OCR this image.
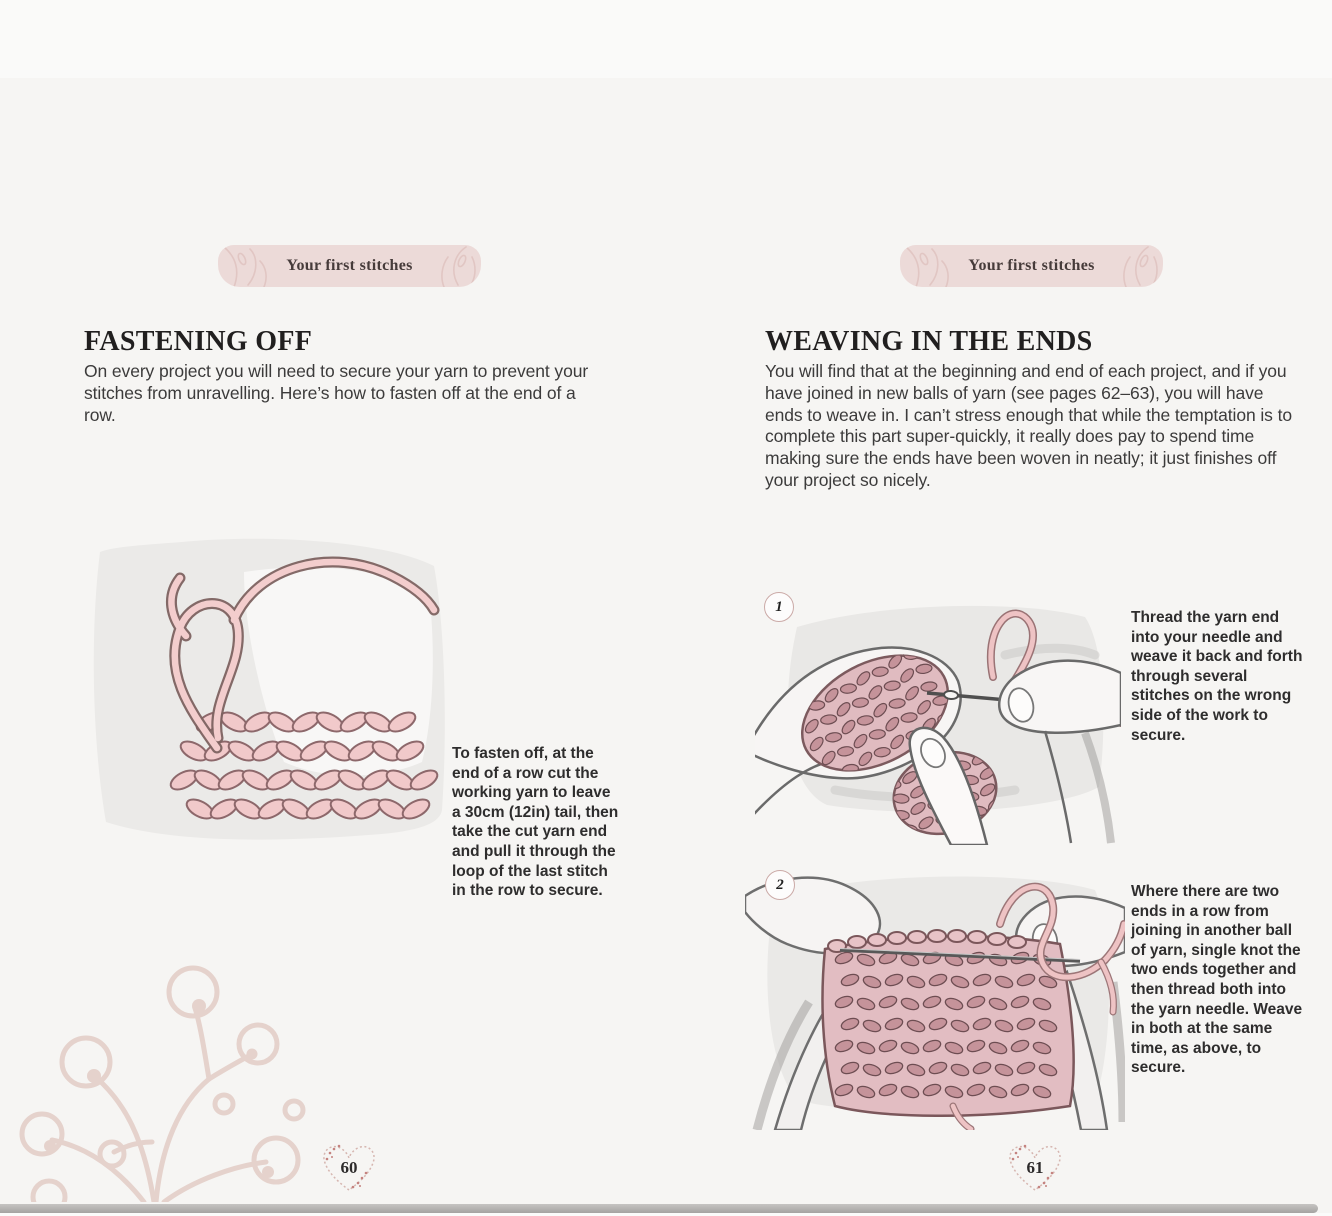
Your first stitches
FASTENING OFF
On every project you will need to secure your yarn to prevent your stitches from unravelling. Here’s how to fasten off at the end of a row.
To fasten off, at the end of a row cut the working yarn to leave a 30cm (12in) tail, then take the cut yarn end and pull it through the loop of the last stitch in the row to secure.
60
Your first stitches
WEAVING IN THE ENDS
You will find that at the beginning and end of each project, and if you have joined in new balls of yarn (see pages 62–63), you will have ends to weave in. I can’t stress enough that while the temptation is to complete this part super-quickly, it really does pay to spend time making sure the ends have been woven in neatly; it just finishes off your project so nicely.
1
Thread the yarn end into your needle and weave it back and forth through several stitches on the wrong side of the work to secure.
2	Where there are two ends in a row from joining in another ball of yarn, single knot the two ends together and then thread both into the yarn needle. Weave in both at the same time, as above, to secure.
61
